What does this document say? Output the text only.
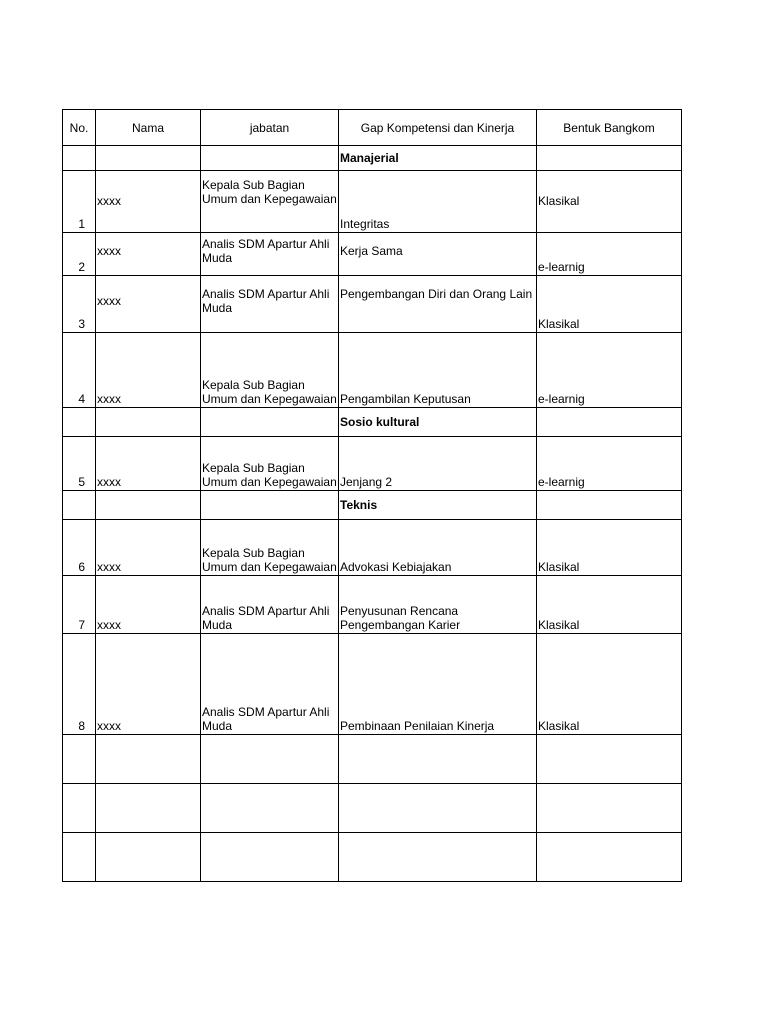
No.	Nama	jabatan	Gap Kompetensi dan Kinerja	Bentuk Bangkom
			Manajerial	
1	xxxx	Kepala Sub Bagian Umum dan Kepegawaian	Integritas	Klasikal
2	xxxx	Analis SDM Apartur Ahli Muda	Kerja Sama	e-learnig
3	xxxx	Analis SDM Apartur Ahli Muda	Pengembangan Diri dan Orang Lain	Klasikal
4	xxxx	Kepala Sub Bagian Umum dan Kepegawaian	Pengambilan Keputusan	e-learnig
			Sosio kultural	
5	xxxx	Kepala Sub Bagian Umum dan Kepegawaian	Jenjang 2	e-learnig
			Teknis	
6	xxxx	Kepala Sub Bagian Umum dan Kepegawaian	Advokasi Kebiajakan	Klasikal
7	xxxx	Analis SDM Apartur Ahli Muda	Penyusunan Rencana Pengembangan Karier	Klasikal
8	xxxx	Analis SDM Apartur Ahli Muda	Pembinaan Penilaian Kinerja	Klasikal
